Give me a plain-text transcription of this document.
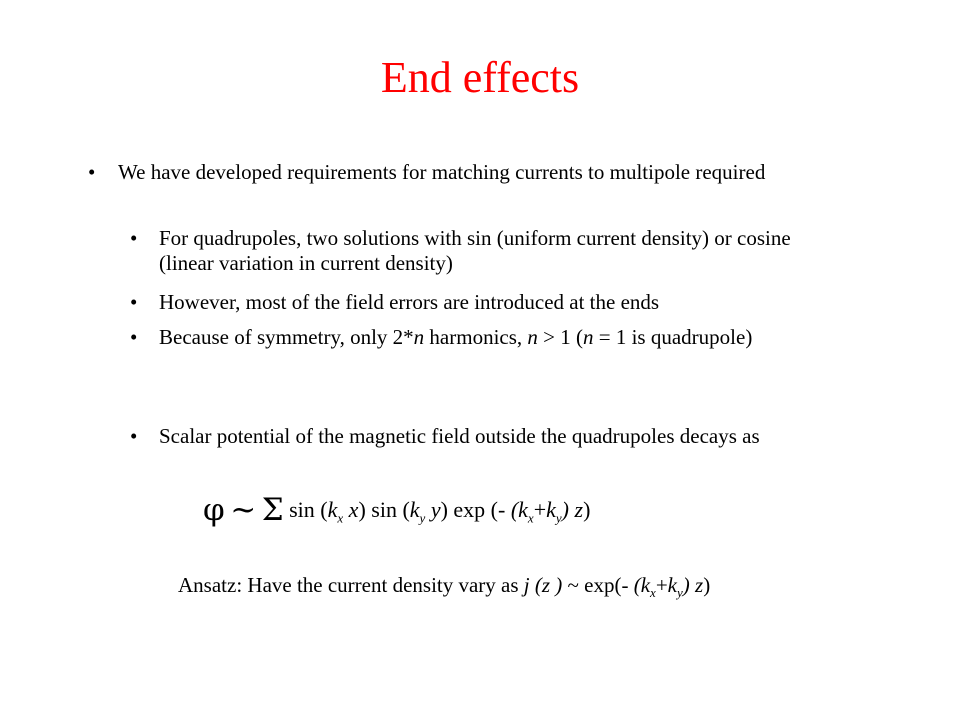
End effects
• We have developed requirements for matching currents to multipole required
• For quadrupoles, two solutions with sin (uniform current density) or cosine (linear variation in current density)
• However, most of the field errors are introduced at the ends
• Because of symmetry, only 2*n harmonics, n > 1 (n = 1 is quadrupole)
• Scalar potential of the magnetic field outside the quadrupoles decays as
φ ~ Σ $\sin (k_x$ x) $\sin (k_y$ y) exp (- $(k_x+k_y)$ z)
Ansatz: Have the current density vary as j (z ) ~ exp(- $(k_x+k_y)$ z)
